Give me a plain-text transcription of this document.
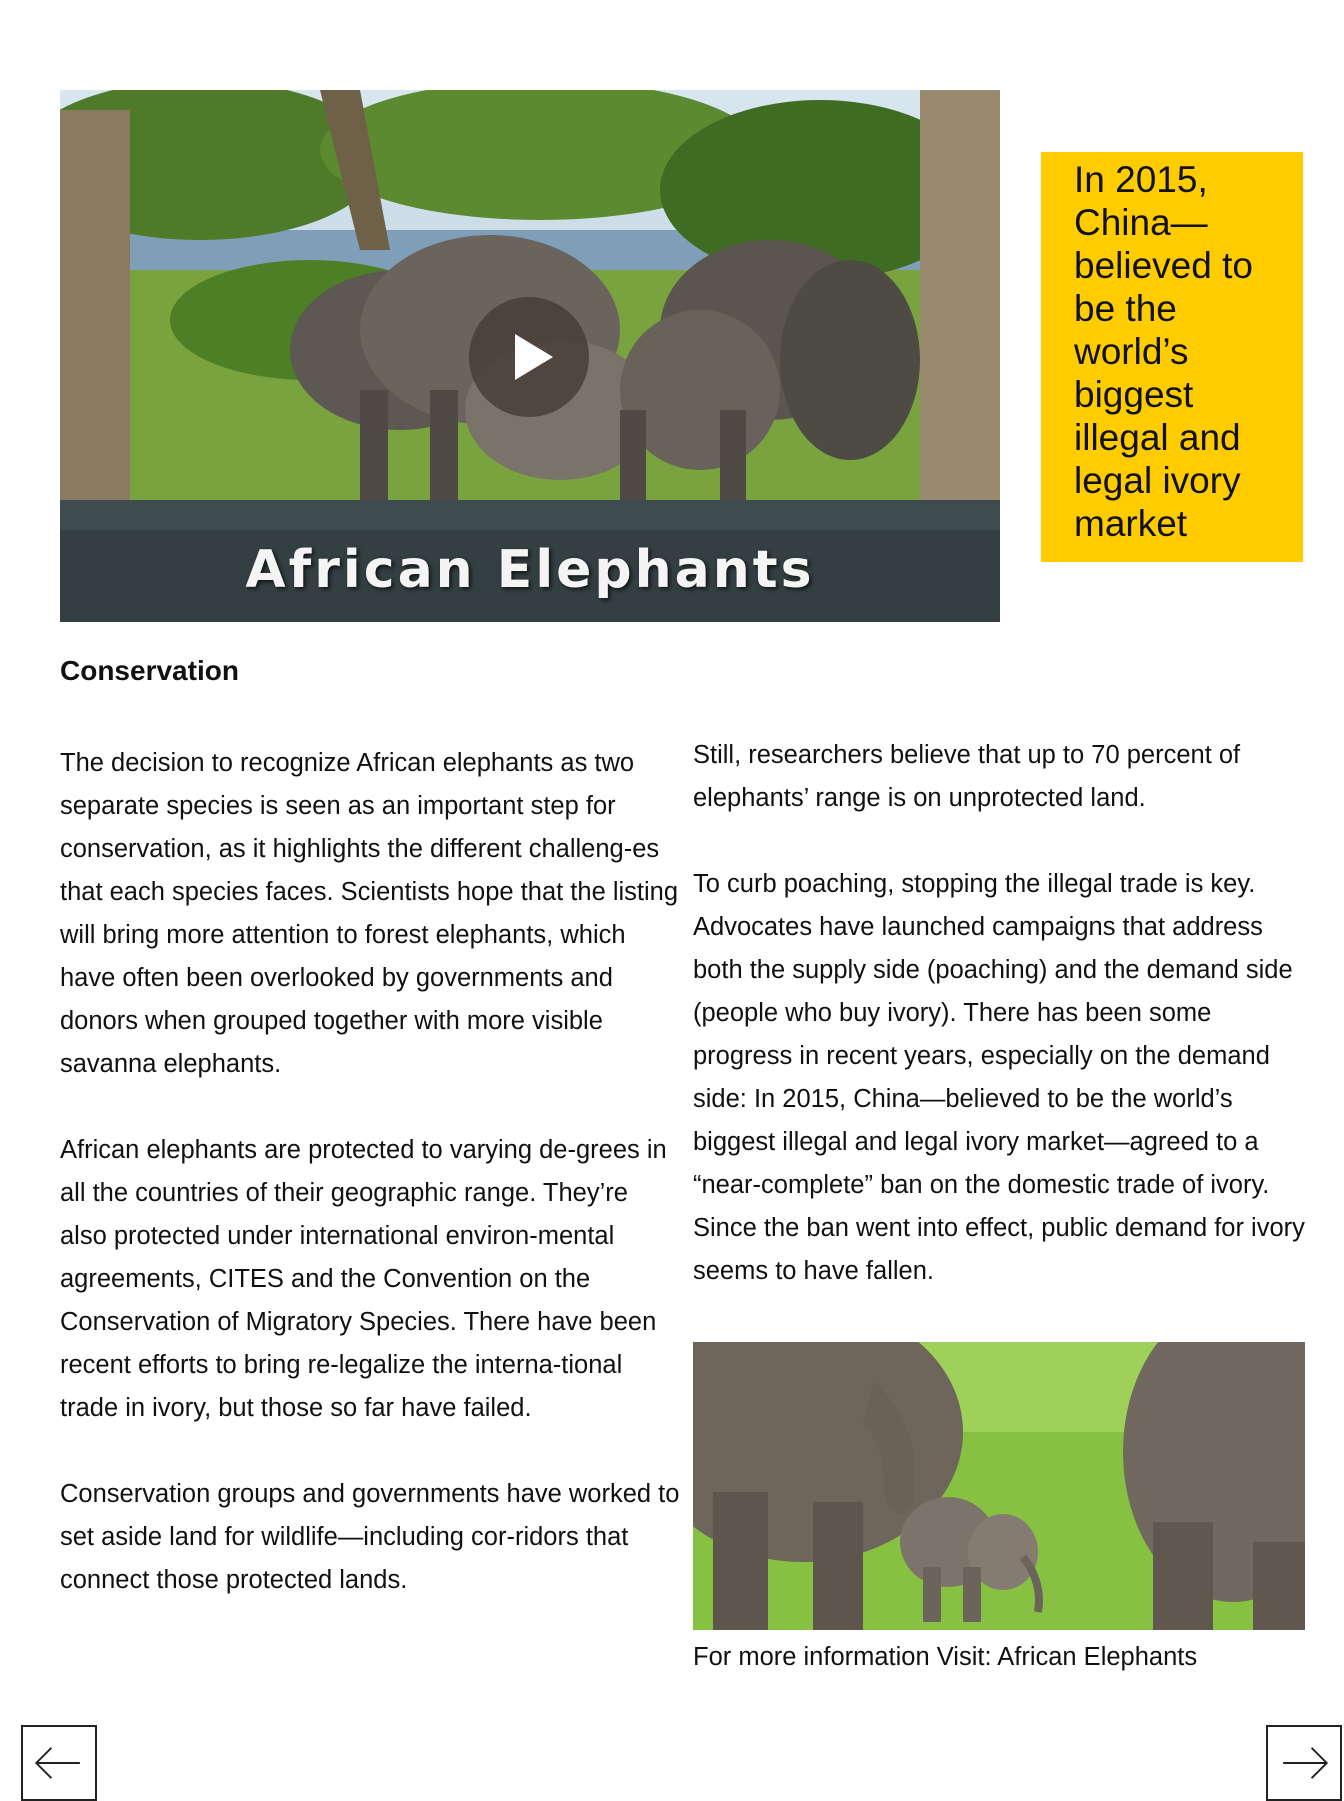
African Elephants
In 2015, China—believed to be the world’s biggest illegal and legal ivory market
Conservation

The decision to recognize African elephants as two separate species is seen as an important step for conservation, as it highlights the different challeng-es that each species faces. Scientists hope that the listing will bring more attention to forest elephants, which have often been overlooked by governments and donors when grouped together with more visible savanna elephants.

African elephants are protected to varying de-grees in all the countries of their geographic range. They’re also protected under international environ-mental agreements, CITES and the Convention on the Conservation of Migratory Species. There have been recent efforts to bring re-legalize the interna-tional trade in ivory, but those so far have failed.

Conservation groups and governments have worked to set aside land for wildlife—including cor-ridors that connect those protected lands.

Still, researchers believe that up to 70 percent of elephants’ range is on unprotected land.

To curb poaching, stopping the illegal trade is key. Advocates have launched campaigns that address both the supply side (poaching) and the demand side (people who buy ivory). There has been some progress in recent years, especially on the demand side: In 2015, China—believed to be the world’s biggest illegal and legal ivory market—agreed to a “near-complete” ban on the domestic trade of ivory. Since the ban went into effect, public demand for ivory seems to have fallen.

For more information Visit: African Elephants
